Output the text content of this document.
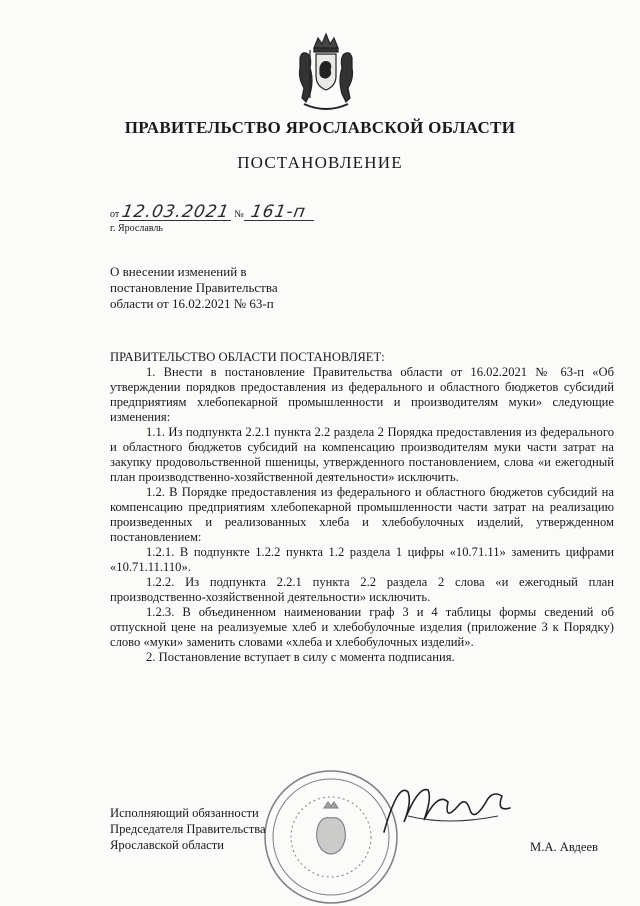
ПРАВИТЕЛЬСТВО ЯРОСЛАВСКОЙ ОБЛАСТИ
ПОСТАНОВЛЕНИЕ
от12.03.2021 № 161-п
г. Ярославль
О внесении изменений в постановление Правительства области от 16.02.2021 № 63-п

ПРАВИТЕЛЬСТВО ОБЛАСТИ ПОСТАНОВЛЯЕТ:

1. Внести в постановление Правительства области от 16.02.2021 № 63-п «Об утверждении порядков предоставления из федерального и областного бюджетов субсидий предприятиям хлебопекарной промышленности и производителям муки» следующие изменения:

1.1. Из подпункта 2.2.1 пункта 2.2 раздела 2 Порядка предоставления из федерального и областного бюджетов субсидий на компенсацию производителям муки части затрат на закупку продовольственной пшеницы, утвержденного постановлением, слова «и ежегодный план производственно-хозяйственной деятельности» исключить.

1.2. В Порядке предоставления из федерального и областного бюджетов субсидий на компенсацию предприятиям хлебопекарной промышленности части затрат на реализацию произведенных и реализованных хлеба и хлебобулочных изделий, утвержденном постановлением:

1.2.1. В подпункте 1.2.2 пункта 1.2 раздела 1 цифры «10.71.11» заменить цифрами «10.71.11.110».

1.2.2. Из подпункта 2.2.1 пункта 2.2 раздела 2 слова «и ежегодный план производственно-хозяйственной деятельности» исключить.

1.2.3. В объединенном наименовании граф 3 и 4 таблицы формы сведений об отпускной цене на реализуемые хлеб и хлебобулочные изделия (приложение 3 к Порядку) слово «муки» заменить словами «хлеба и хлебобулочных изделий».

2. Постановление вступает в силу с момента подписания.

Исполняющий обязанности
Председателя Правительства
Ярославской области	М.А. Авдеев
